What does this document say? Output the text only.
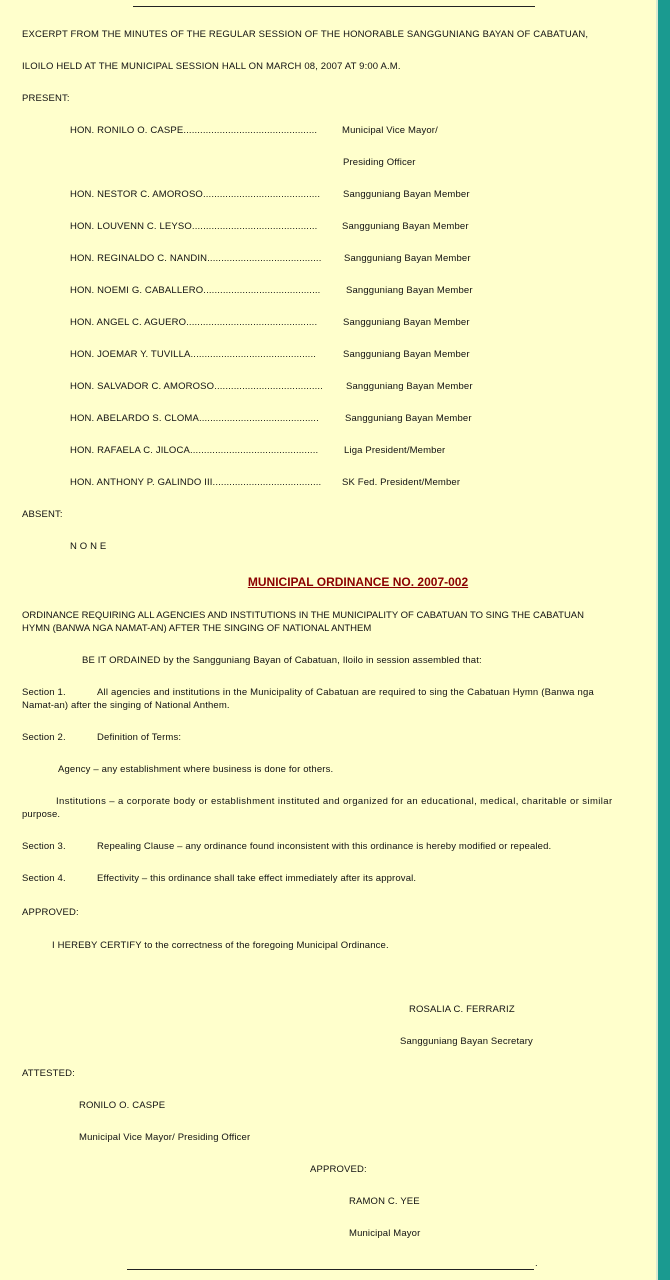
EXCERPT FROM THE MINUTES OF THE REGULAR SESSION OF THE HONORABLE SANGGUNIANG BAYAN OF CABATUAN,
ILOILO HELD AT THE MUNICIPAL SESSION HALL ON MARCH 08, 2007 AT 9:00 A.M.
PRESENT:
HON. RONILO O. CASPE................................................	Municipal Vice Mayor/
Presiding Officer
HON. NESTOR C. AMOROSO.......................................... Sangguniang Bayan Member
HON. LOUVENN C. LEYSO.............................................	Sangguniang Bayan Member
HON. REGINALDO C. NANDIN......................................... Sangguniang Bayan Member
HON. NOEMI G. CABALLERO..........................................	Sangguniang Bayan Member
HON. ANGEL C. AGUERO...............................................	Sangguniang Bayan Member
HON. JOEMAR Y. TUVILLA.............................................	Sangguniang Bayan Member
HON. SALVADOR C. AMOROSO....................................... Sangguniang Bayan Member
HON. ABELARDO S. CLOMA...........................................	Sangguniang Bayan Member
HON. RAFAELA C. JILOCA..............................................	Liga President/Member
HON. ANTHONY P. GALINDO III....................................... SK Fed. President/Member
ABSENT:
N O N E
MUNICIPAL ORDINANCE NO. 2007-002
ORDINANCE REQUIRING ALL AGENCIES AND INSTITUTIONS IN THE MUNICIPALITY OF CABATUAN TO SING THE CABATUAN HYMN (BANWA NGA NAMAT-AN) AFTER THE SINGING OF NATIONAL ANTHEM
BE IT ORDAINED by the Sangguniang Bayan of Cabatuan, Iloilo in session assembled that:
Section 1.	All agencies and institutions in the Municipality of Cabatuan are required to sing the Cabatuan Hymn (Banwa nga
Namat-an) after the singing of National Anthem.
Section 2.	Definition of Terms:
Agency – any establishment where business is done for others.
Institutions – a corporate body or establishment instituted and organized for an educational, medical, charitable or similar
purpose.
Section 3.	Repealing Clause – any ordinance found inconsistent with this ordinance is hereby modified or repealed.
Section 4.	Effectivity – this ordinance shall take effect immediately after its approval.
APPROVED:
I HEREBY CERTIFY to the correctness of the foregoing Municipal Ordinance.
ROSALIA C. FERRARIZ
Sangguniang Bayan Secretary
ATTESTED:
RONILO O. CASPE
Municipal Vice Mayor/ Presiding Officer
APPROVED:
RAMON C. YEE
Municipal Mayor
.
